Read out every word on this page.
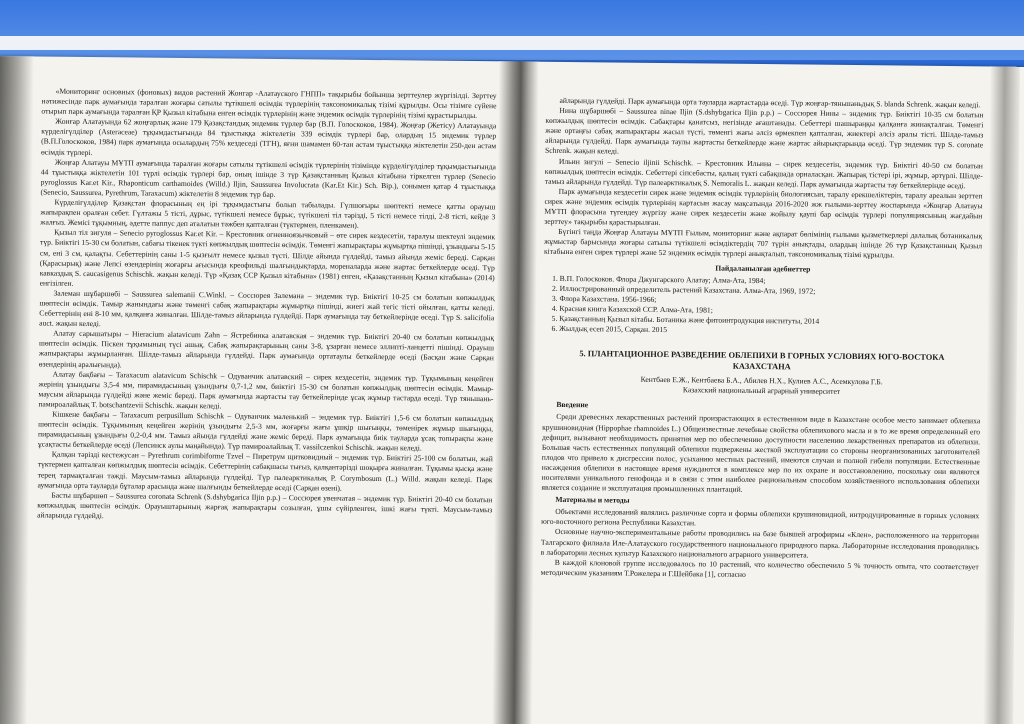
«Мониторинг основных (фоновых) видов растений Жонгар -Алатауского ГНПП» тақырыбы бойынша зерттеулер жүргізілді. Зерттеу нәтижесінде парк аумағында таралған жоғары сатылы тұтікшелі өсімдік түрлерінің таксономикалық тізімі құрылды. Осы тізімге сүйене отырып парк аумағында таралған ҚР Қызыл кітабына енген өсімдік түрлерінің және эндемик өсімдік түрлерінің тізімі құрастырылды.

Жонғар Алатауында 62 жоңғарлық және 179 Қазақстандық эндемик түрлер бар (В.П. Голоскоков, 1984). Жоңғар (Жетісу) Алатауында күрделігүлділер (Asteraceae) тұқымдастығында 84 тұыстыққа жіктелетін 339 өсімдік түрлері бар, олардың 15 эндемик түрлер (В.П.Голоскоков, 1984) парк аумағында осылардың 75% кездеседі (ТГН), яғни шамамен 60-тан астам тұыстыққа жіктелетін 250-ден астам өсімдік түрлері.

Жоңғар Алатауы МҰТП аумағында таралған жоғары сатылы тұтікшелі өсімдік түрлерінің тізімінде күрделігүлділер тұқымдастығында 44 тұыстыққа жіктелетін 101 түрлі өсімдік түрлері бар, оның ішінде 3 түр Қазақстанның Қызыл кітабына тіркелген түрлер (Senecio pyroglossus Kar.et Kir., Rhaponticum carthamoides (Willd.) Iljin, Saussurea Involucrata (Kar.Et Kir.) Sch. Bip.), сонымен қатар 4 тұыстыққа (Senecio, Saussurea, Pyrethrum, Taraxacum) жіктелетін 8 эндемик түр бар.

Күрделігүлділер Қазақстан флорасының ең ірі тұқымдастығы болып табылады. Гүлшоғыры шөптекті немесе қатты орауыш жапырақпен оралған себет. Гүлтажы 5 тісті, дұрыс, түтікшелі немесе бұрыс, түтікшелі тіл тәрізді, 5 тісті немесе тілді, 2-8 тісті, кейде 3 жалғыз. Жемісі тұқымның, әдетте паппус деп аталатын тәжбен қапталған (түктермен, пленкамен).

Қызыл тіл зигуля – Senecio pyroglossus Kar.et Kir. – Крестовник огненноязычковый – өте сирек кездесетін, таралуы шектеулі эндемик түр. Биіктігі 15-30 см болатын, сабағы тікенек түкті көпжылдық шөптесін өсімдік. Төменгі жапырақтары жұмыртқа пішінді, ұзындығы 5-15 см, ені 3 см, қалақты. Себеттерінің саны 1-5 қызғылт немесе қызыл түсті. Шілде айында гүлдейді, тамыз айында жеміс береді. Сарқан (Қарасырық) және Лепсі өзендерінің жоғарғы ағысында креофильді шалғындықтарда, мореналарда және жартас беткейлерде өседі. Түр кавказдық S. caucasigenus Schischk. жақын келеді. Түр «Қазақ ССР Қызыл кітабына» (1981) енген, «Қазақстанның Қызыл кітабына» (2014) енгізілген.

Залеман шұбаршөбі – Saussurea salemanii C.Winkl. – Соссюрея Залемана – эндемик түр. Биіктігі 10-25 см болатын көпжылдық шөптесін өсімдік. Тамыр жанындағы және төменгі сабақ жапырақтары жұмыртқа пішінді, жиегі жай тегіс тісті ойылған, қатты келеді. Себеттерінің ені 8-10 мм, қалқанға жиналған. Шілде-тамыз айларында гүлдейді. Парк аумағында тау беткейлерінде өседі. Түр S. salicifolia auct. жақын келеді.

Алатау сарышатыры – Hieracium alatavicum Zahn – Ястребинка алатавская – эндемик түр. Биіктігі 20-40 см болатын көпжылдық шөптесін өсімдік. Піскен тұқымының түсі ашық. Сабақ жапырақтарының саны 3-8, ұзарған немесе эллипті-ланцетті пішінді. Орауыш жапырақтары жұмырланған. Шілде-тамыз айларында гүлдейді. Парк аумағында ортатаулы беткейлерде өседі (Басқан және Сарқан өзендерінің аралығында).

Алатау бақбағы – Taraxacum alatavicum Schischk – Одуванчик алатавский – сирек кездесетін, эндемик түр. Тұқымының кеңейген жерінің ұзындығы 3,5-4 мм, пирамидасының ұзындығы 0,7-1,2 мм, биіктігі 15-30 см болатын көпжылдық шөптесін өсімдік. Мамыр-маусым айларында гүлдейді және жеміс береді. Парк аумағында жартасты тау беткейлерінде ұсақ жұмыр тастарда өседі. Түр тяньшань-памироалайлық T. botschantzevii Schischk. жақын келеді.

Кішкене бақбағы – Taraxacum perpusillum Schischk – Одуванчик маленький – эндемик түр. Биіктігі 1,5-6 см болатын көпжылдық шөптесін өсімдік. Тұқымының кеңейген жерінің ұзындығы 2,5-3 мм, жоғарғы жағы ұшқір шығыңқы, төменірек жұмыр шығыңқы, пирамидасының ұзындығы 0,2-0,4 мм. Тамыз айында гүлдейді және жеміс береді. Парк аумағында биік тауларда ұсақ топырақты және ұсақтасты беткейлерде өседі (Лепсинск аулы маңайында). Түр памироалайлық T. vassilczenkoi Schischk. жақын келеді.

Қалқан тәрізді кестежусан – Pyrethrum corimbiforme Tzvel – Пиретрум щитковидный – эндемик түр. Биіктігі 25-100 см болатын, жай түктермен қапталған көпжылдық шөптесін өсімдік. Себеттерінің сабақшасы тығыз, қалқантәрізді шоқырға жиналған. Тұқымы қысқа және терең тармақталған тәжді. Маусым-тамыз айларында гүлдейді. Түр палеарктикалық P. Corymbosum (L.) Willd. жақын келеді. Парк аумағында орта тауларда бұталар арасында және шалғынды беткейлерде өседі (Сарқан өзені).

Басты шұбаршөп – Saussurea coronata Schrenk (S.dshybgarica Iljin p.p.) – Соссюрея увенчатая – эндемик түр. Биіктігі 20-40 см болатын көпжылдық шөптесін өсімдік. Орауыштарының жарғақ жапырақтары созылған, ұшы сүйірленген, ішкі жағы түкті. Маусым-тамыз айларында гүлдейді.

айларында гүлдейді. Парк аумағында орта тауларда жартастарда өседі. Түр жоңғар-тяньшаньдық S. blanda Schrenk. жақын келеді.

Нина шұбаршөбі – Saussurea ninae Iljin (S.dshybgarica Iljin p.p.) – Соссюрея Нины – эндемик түр. Биіктігі 10-35 см болатын көпжылдық шөптесін өсімдік. Сабақтары қанатсыз, негізінде ағаштанады. Себеттері шашыраңқы қалқанға жинақталған. Төменгі және ортаңғы сабақ жапырақтары жасыл түсті, төменгі жағы әлсіз өрмекпен қапталған, жиектері әлсіз аралы тісті. Шілде-тамыз айларында гүлдейді. Парк аумағында таулы жартасты беткейлерде және жартас айырықтарында өседі. Түр эндемик түр S. coronate Schrenk. жақын келеді.

Ильин зигулі – Senecio iljinii Schischk. – Крестовник Ильина – сирек кездесетін, эндемик түр. Биіктігі 40-50 см болатын көпжылдық шөптесін өсімдік. Себеттері сіпсебасты, қалың түкті сабақшада орналасқан. Жапырақ тістері ірі, жұмыр, әртүрлі. Шілде-тамыз айларында гүлдейді. Түр палеарктикалық S. Nemoralis L. жақын келеді. Парк аумағында жартасты тау беткейлерінде өседі.

Парк аумағында кездесетін сирек және эндемик өсімдік түрлерінің биологиясын, таралу ерекшеліктерін, таралу ареалын зерттеп сирек және эндемик өсімдік түрлерінің картасын жасау мақсатында 2016-2020 жж ғылыми-зерттеу жоспарында «Жоңғар Алатауы МҰТП флорасына түгендеу жүргізу және сирек кездесетін және жойылу қаупі бар өсімдік түрлері популяциясының жағдайын зерттеу» тақырыбы қарастырылған.

Бүгінгі таңда Жоңғар Алатауы МҰТП Ғылым, мониторинг және ақпарат бөлімінің ғылыми қызметкерлері далалық ботаникалық жұмыстар барысында жоғары сатылы түтікшелі өсімдіктердің 707 түрін анықтады, олардың ішінде 26 түр Қазақстанның Қызыл кітабына енген сирек түрлері және 52 эндемик өсімдік түрлері анықталып, таксономикалық тізімі құрылды.

Пайдаланылған әдебиеттер
1. В.П. Голоскоков. Флора Джунгарского Алатау; Алма-Ата, 1984;
2. Иллюстрированный определитель растений Казахстана. Алма-Ата, 1969, 1972;
3. Флора Казахстана. 1956-1966;
4. Красная книга Казахской ССР. Алма-Ата, 1981;
5. Қазақстанның Қызыл кітабы. Ботаника және фитоинтродукция институты, 2014
6. Жылдық есеп 2015, Сарқан. 2015
5. ПЛАНТАЦИОННОЕ РАЗВЕДЕНИЕ ОБЛЕПИХИ В ГОРНЫХ УСЛОВИЯХ ЮГО-ВОСТОКА КАЗАХСТАНА
Кентбаев Е.Ж., Кентбаева Б.А., Абилев Н.Х., Кулиев А.С., Асемкулова Г.Б.
Казахский национальный аграрный университет
Введение

Среди древесных лекарственных растений произрастающих в естественном виде в Казахстане особое место занимает облепиха крушиновидная (Hippophae rhamnoides L.) Общеизвестные лечебные свойства облепихового масла и в то же время определенный его дефицит, вызывают необходимость принятия мер по обеспечению доступности населению лекарственных препаратов из облепихи. Большая часть естественных популяций облепихи подвержены жесткой эксплуатации со стороны неорганизованных заготовителей плодов что привело к дисгрессии полос, усыханию местных растений, имеются случаи и полной гибели популяции. Естественные насаждения облепихи в настоящее время нуждаются в комплексе мер по их охране и восстановлению, поскольку они являются носителями уникального генофонда и в связи с этим наиболее рациональным способом хозяйственного использования облепихи является создание и эксплуатация промышленных плантаций.

Материалы и методы

Объектами исследований являлись различные сорта и формы облепихи крушиновидной, интродуцированные в горных условиях юго-восточного региона Республики Казахстан.

Основные научно-экспериментальные работы проводились на базе бывшей агрофирмы «Клен», расположенного на территории Талгарского филиала Иле-Алатауского государственного национального природного парка. Лабораторные исследования проводились в лаборатории лесных культур Казахского национального аграрного университета.

В каждой клоновой группе исследовалось по 10 растений, что количество обеспечило 5 % точность опыта, что соответствует методическим указаниям Т.Рожелера и Г.Шейбака [1], согласно
